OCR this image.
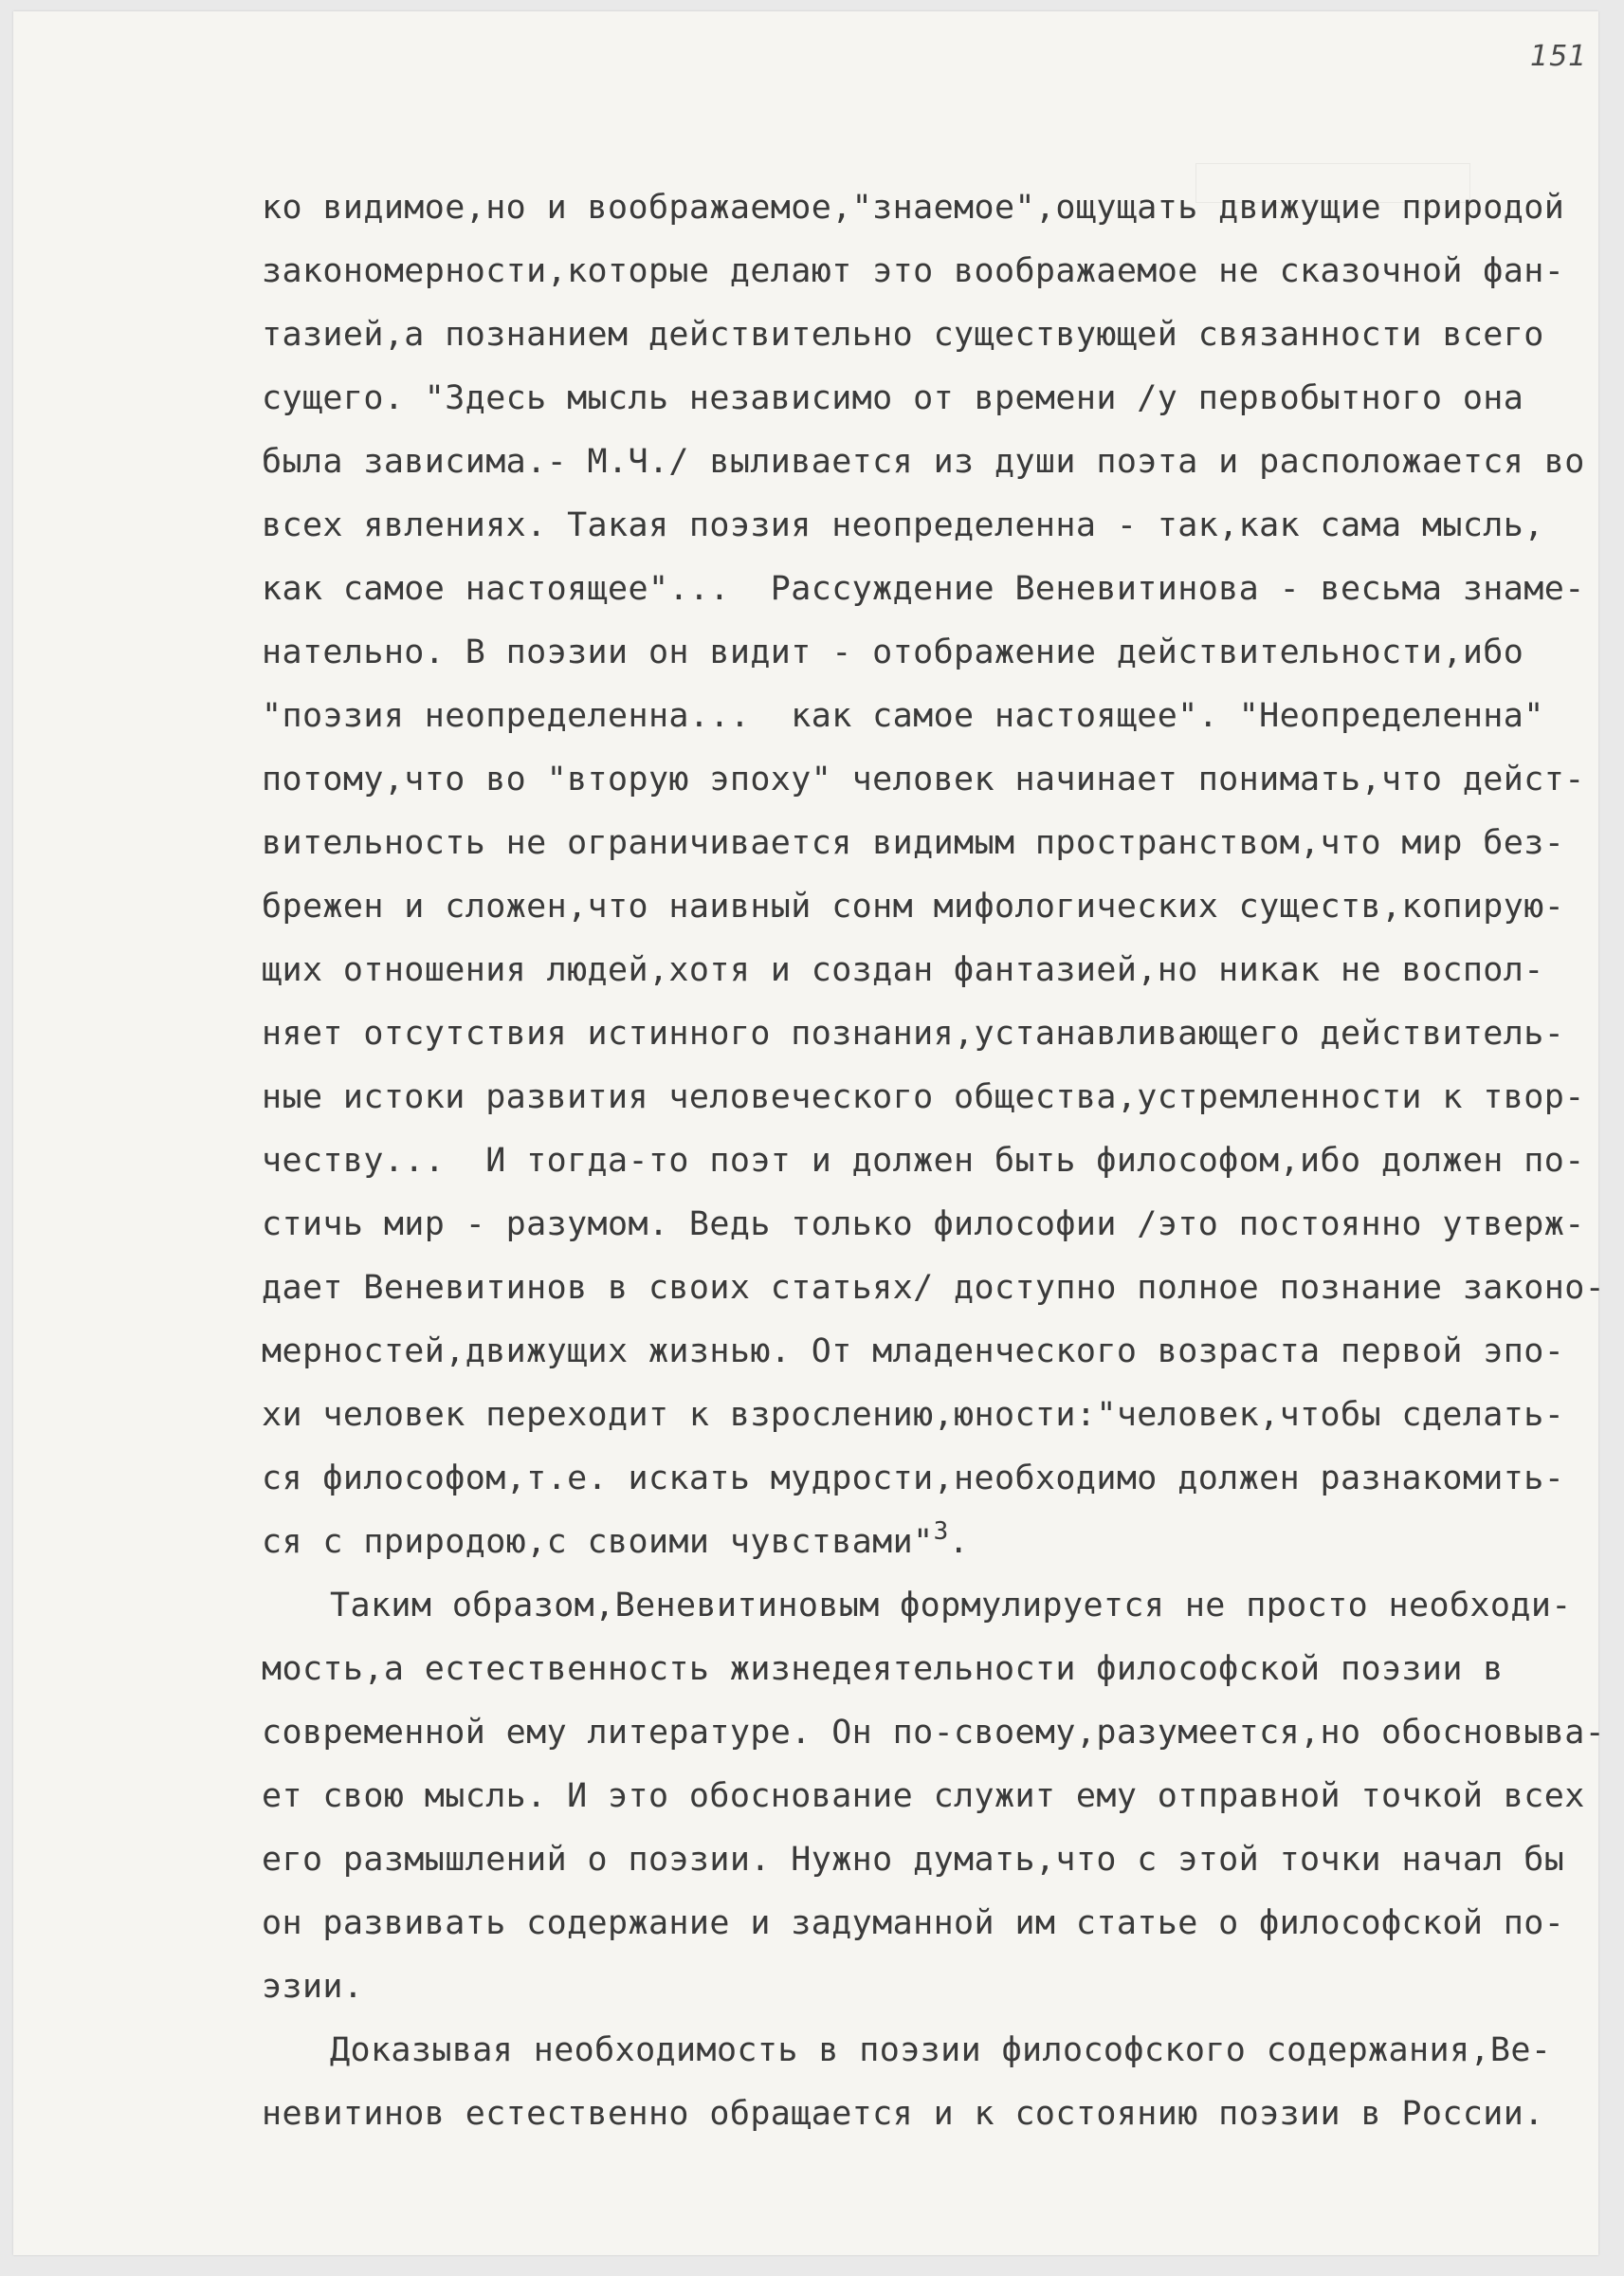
151
ко видимое,но и воображаемое,"знаемое",ощущать движущие природой
закономерности,которые делают это воображаемое не сказочной фан-
тазией,а познанием действительно существующей связанности всего
сущего. "Здесь мысль независимо от времени /у первобытного она
была зависима.- М.Ч./ выливается из души поэта и расположается во
всех явлениях. Такая поэзия неопределенна - так,как сама мысль,
как самое настоящее"...  Рассуждение Веневитинова - весьма знаме-
нательно. В поэзии он видит - отображение действительности,ибо
"поэзия неопределенна...  как самое настоящее". "Неопределенна"
потому,что во "вторую эпоху" человек начинает понимать,что дейст-
вительность не ограничивается видимым пространством,что мир без-
брежен и сложен,что наивный сонм мифологических существ,копирую-
щих отношения людей,хотя и создан фантазией,но никак не воспол-
няет отсутствия истинного познания,устанавливающего действитель-
ные истоки развития человеческого общества,устремленности к твор-
честву...  И тогда-то поэт и должен быть философом,ибо должен по-
стичь мир - разумом. Ведь только философии /это постоянно утверж-
дает Веневитинов в своих статьях/ доступно полное познание законо-
мерностей,движущих жизнью. От младенческого возраста первой эпо-
хи человек переходит к взрослению,юности:"человек,чтобы сделать-
ся философом,т.е. искать мудрости,необходимо должен разнакомить-
ся с природою,с своими чувствами"$^3$.
Таким образом,Веневитиновым формулируется не просто необходи-
мость,а естественность жизнедеятельности философской поэзии в
современной ему литературе. Он по-своему,разумеется,но обосновыва-
ет свою мысль. И это обоснование служит ему отправной точкой всех
его размышлений о поэзии. Нужно думать,что с этой точки начал бы
он развивать содержание и задуманной им статье о философской по-
эзии.
Доказывая необходимость в поэзии философского содержания,Ве-
невитинов естественно обращается и к состоянию поэзии в России.
